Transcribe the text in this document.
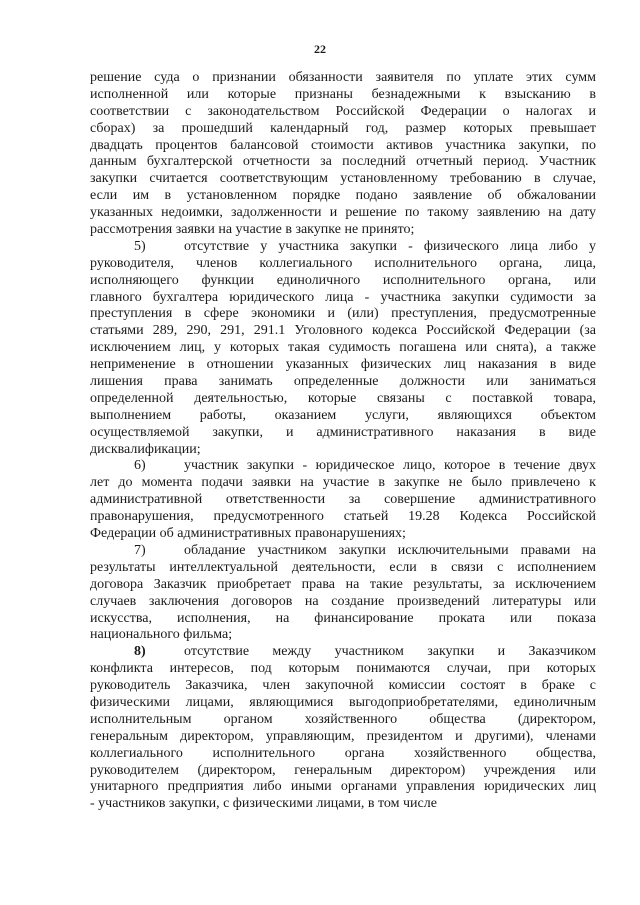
22
решение суда о признании обязанности заявителя по уплате этих сумм
исполненной или которые признаны безнадежными к взысканию в
соответствии с законодательством Российской Федерации о налогах и
сборах) за прошедший календарный год, размер которых превышает
двадцать процентов балансовой стоимости активов участника закупки, по
данным бухгалтерской отчетности за последний отчетный период. Участник
закупки считается соответствующим установленному требованию в случае,
если им в установленном порядке подано заявление об обжаловании
указанных недоимки, задолженности и решение по такому заявлению на дату
рассмотрения заявки на участие в закупке не принято;
5)	отсутствие у участника закупки - физического лица либо у
руководителя, членов коллегиального исполнительного органа, лица,
исполняющего функции единоличного исполнительного органа, или
главного бухгалтера юридического лица - участника закупки судимости за
преступления в сфере экономики и (или) преступления, предусмотренные
статьями 289, 290, 291, 291.1 Уголовного кодекса Российской Федерации (за
исключением лиц, у которых такая судимость погашена или снята), а также
неприменение в отношении указанных физических лиц наказания в виде
лишения права занимать определенные должности или заниматься
определенной деятельностью, которые связаны с поставкой товара,
выполнением работы, оказанием услуги, являющихся объектом
осуществляемой закупки, и административного наказания в виде
дисквалификации;
6)	участник закупки - юридическое лицо, которое в течение двух
лет до момента подачи заявки на участие в закупке не было привлечено к
административной ответственности за совершение административного
правонарушения, предусмотренного статьей 19.28 Кодекса Российской
Федерации об административных правонарушениях;
7)	обладание участником закупки исключительными правами на
результаты интеллектуальной деятельности, если в связи с исполнением
договора Заказчик приобретает права на такие результаты, за исключением
случаев заключения договоров на создание произведений литературы или
искусства, исполнения, на финансирование проката или показа
национального фильма;
8)	отсутствие между участником закупки и Заказчиком
конфликта интересов, под которым понимаются случаи, при которых
руководитель Заказчика, член закупочной комиссии состоят в браке с
физическими лицами, являющимися выгодоприобретателями, единоличным
исполнительным органом хозяйственного общества (директором,
генеральным директором, управляющим, президентом и другими), членами
коллегиального исполнительного органа хозяйственного общества,
руководителем (директором, генеральным директором) учреждения или
унитарного предприятия либо иными органами управления юридических лиц
- участников закупки, с физическими лицами, в том числе
